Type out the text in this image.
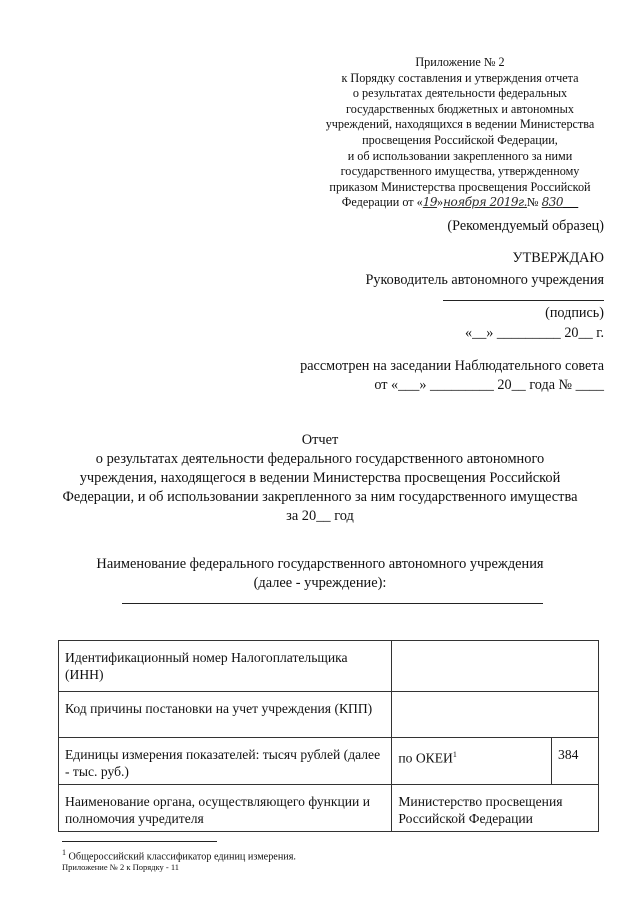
Приложение № 2
к Порядку составления и утверждения отчета
о результатах деятельности федеральных
государственных бюджетных и автономных
учреждений, находящихся в ведении Министерства
просвещения Российской Федерации,
и об использовании закрепленного за ними
государственного имущества, утвержденному
приказом Министерства просвещения Российской
Федерации от «19»ноября 2019г.№ 830
(Рекомендуемый образец)
УТВЕРЖДАЮ
Руководитель автономного учреждения
(подпись)
«__» _________ 20__ г.
рассмотрен на заседании Наблюдательного совета
от «___» _________ 20__ года № ____
Отчет
о результатах деятельности федерального государственного автономного
учреждения, находящегося в ведении Министерства просвещения Российской
Федерации, и об использовании закрепленного за ним государственного имущества
за 20__ год
Наименование федерального государственного автономного учреждения
(далее - учреждение):
Идентификационный номер Налогоплательщика (ИНН)		
Код причины постановки на учет учреждения (КПП)		
Единицы измерения показателей: тысяч рублей (далее - тыс. руб.)	по ОКЕИ$^1$	384
Наименование органа, осуществляющего функции и полномочия учредителя	Министерство просвещения Российской Федерации	
$^1$ Общероссийский классификатор единиц измерения.
Приложение № 2 к Порядку - 11
